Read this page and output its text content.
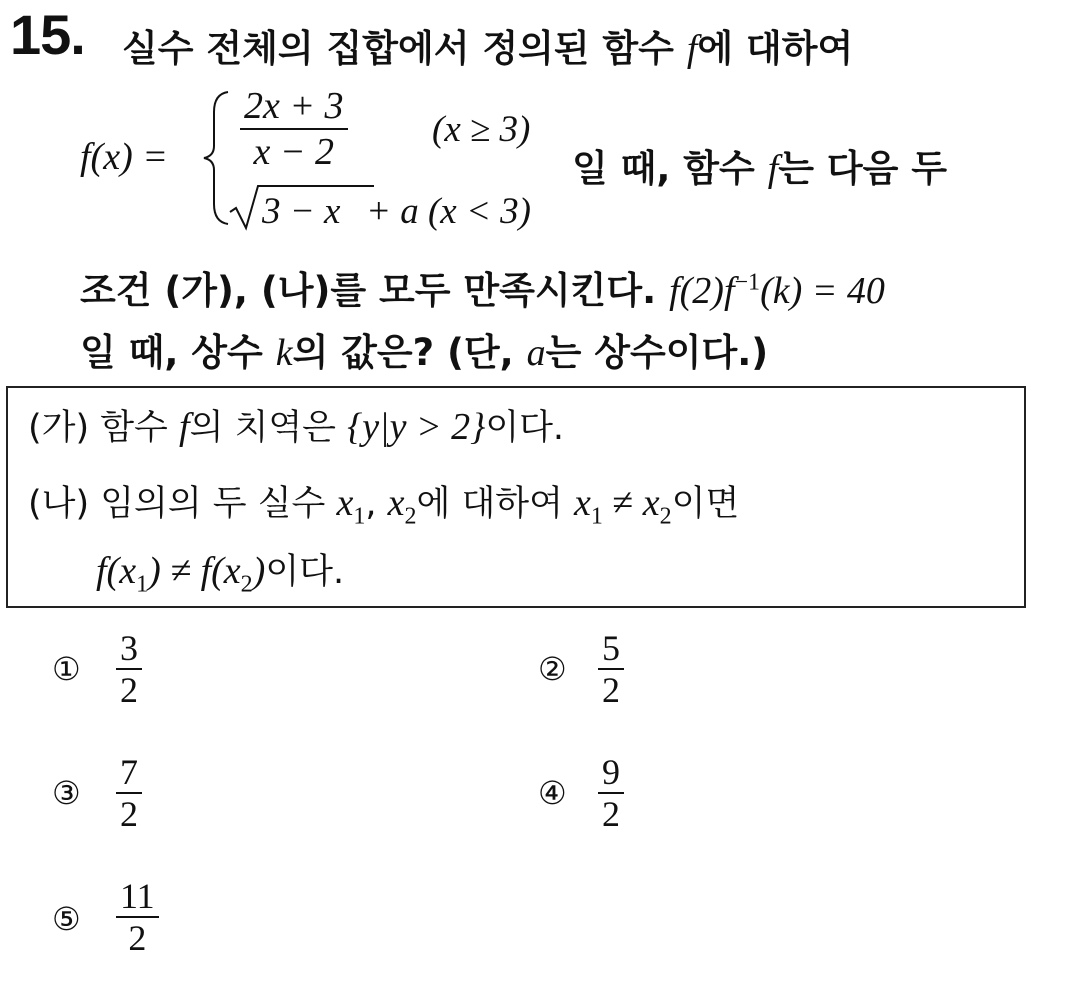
15. 실수 전체의 집합에서 정의된 함수 f에 대하여
f(x) =
2x + 3
x − 2
(x ≥ 3)
3 − x + a (x < 3)
일 때, 함수 f는 다음 두
조건 (가), (나)를 모두 만족시킨다. $f(2)f^{-1}(k) = 40$
일 때, 상수 k의 값은? (단, a는 상수이다.)
(가) 함수 f의 치역은 {y|y > 2}이다.
(나) 임의의 두 실수 $x_1$, $x_2$에 대하여 $x_1 \ne x_2$이면
$f(x_1) \ne f(x_2)$이다.
①
3
2
②
5
2
③
7
2
④
9
2
⑤
11
2
